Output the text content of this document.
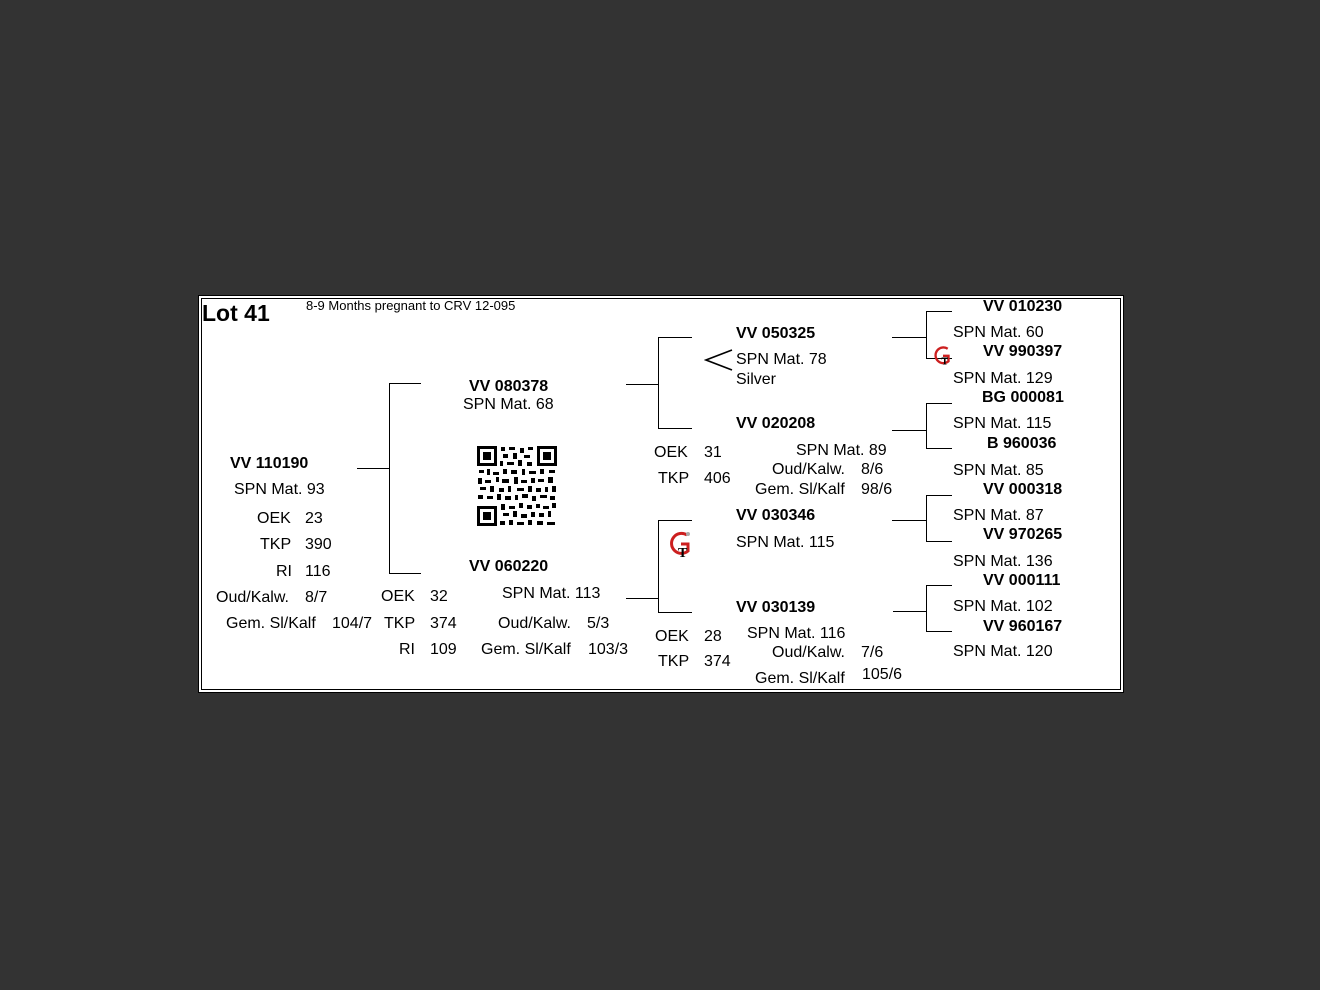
Lot 41	8-9 Months pregnant to CRV 12-095
VV 110190
SPN Mat. 93
OEK 23
TKP 390
RI 116
Oud/Kalw. 8/7
Gem. Sl/Kalf 104/7
VV 080378
SPN Mat. 68
VV 060220
OEK 32
TKP 374
RI 109
SPN Mat. 113
Oud/Kalw. 5/3
Gem. Sl/Kalf 103/3
VV 050325
SPN Mat. 78
Silver
VV 020208
OEK 31
TKP 406
SPN Mat. 89
Oud/Kalw. 8/6
Gem. Sl/Kalf 98/6
T
VV 030346
SPN Mat. 115
VV 030139
OEK 28
TKP 374
SPN Mat. 116
Oud/Kalw. 7/6
Gem. Sl/Kalf 105/6
T
VV 010230
SPN Mat. 60
VV 990397
SPN Mat. 129
BG 000081
SPN Mat. 115
B 960036
SPN Mat. 85
VV 000318
SPN Mat. 87
VV 970265
SPN Mat. 136
VV 000111
SPN Mat. 102
VV 960167
SPN Mat. 120
